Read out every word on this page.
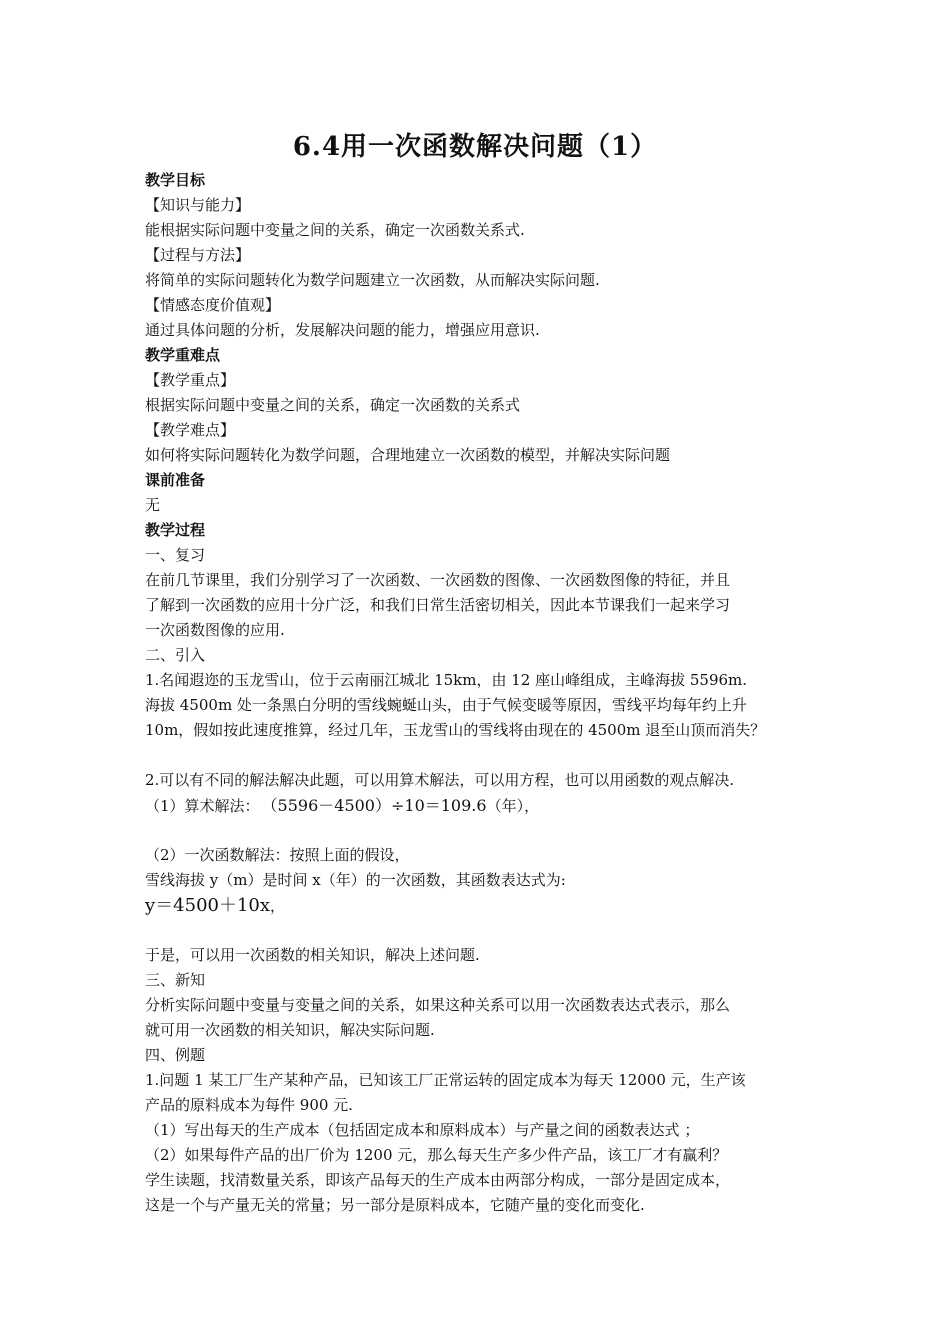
6.4用一次函数解决问题（1）
教学目标
【知识与能力】
能根据实际问题中变量之间的关系，确定一次函数关系式.
【过程与方法】
将简单的实际问题转化为数学问题建立一次函数，从而解决实际问题.
【情感态度价值观】
通过具体问题的分析，发展解决问题的能力，增强应用意识.
教学重难点
【教学重点】
根据实际问题中变量之间的关系，确定一次函数的关系式
【教学难点】
如何将实际问题转化为数学问题，合理地建立一次函数的模型，并解决实际问题
课前准备
无
教学过程
一、复习
在前几节课里，我们分别学习了一次函数、一次函数的图像、一次函数图像的特征，并且
了解到一次函数的应用十分广泛，和我们日常生活密切相关，因此本节课我们一起来学习
一次函数图像的应用.
二、引入
1.名闻遐迩的玉龙雪山，位于云南丽江城北 15km，由 12 座山峰组成，主峰海拔 5596m.
海拔 4500m 处一条黑白分明的雪线蜿蜒山头，由于气候变暖等原因，雪线平均每年约上升
10m，假如按此速度推算，经过几年，玉龙雪山的雪线将由现在的 4500m 退至山顶而消失？
2.可以有不同的解法解决此题，可以用算术解法，可以用方程，也可以用函数的观点解决.
（1）算术解法： （5596－4500）÷10＝109.6（年），
（2）一次函数解法：按照上面的假设，
雪线海拔 y（m）是时间 x（年）的一次函数，其函数表达式为:
y＝4500＋10x，
于是，可以用一次函数的相关知识，解决上述问题.
三、新知
分析实际问题中变量与变量之间的关系，如果这种关系可以用一次函数表达式表示，那么
就可用一次函数的相关知识，解决实际问题.
四、例题
1.问题 1 某工厂生产某种产品，已知该工厂正常运转的固定成本为每天 12000 元，生产该
产品的原料成本为每件 900 元.
（1）写出每天的生产成本（包括固定成本和原料成本）与产量之间的函数表达式 ；
（2）如果每件产品的出厂价为 1200 元，那么每天生产多少件产品，该工厂才有赢利？
学生读题，找清数量关系，即该产品每天的生产成本由两部分构成，一部分是固定成本，
这是一个与产量无关的常量；另一部分是原料成本，它随产量的变化而变化.
